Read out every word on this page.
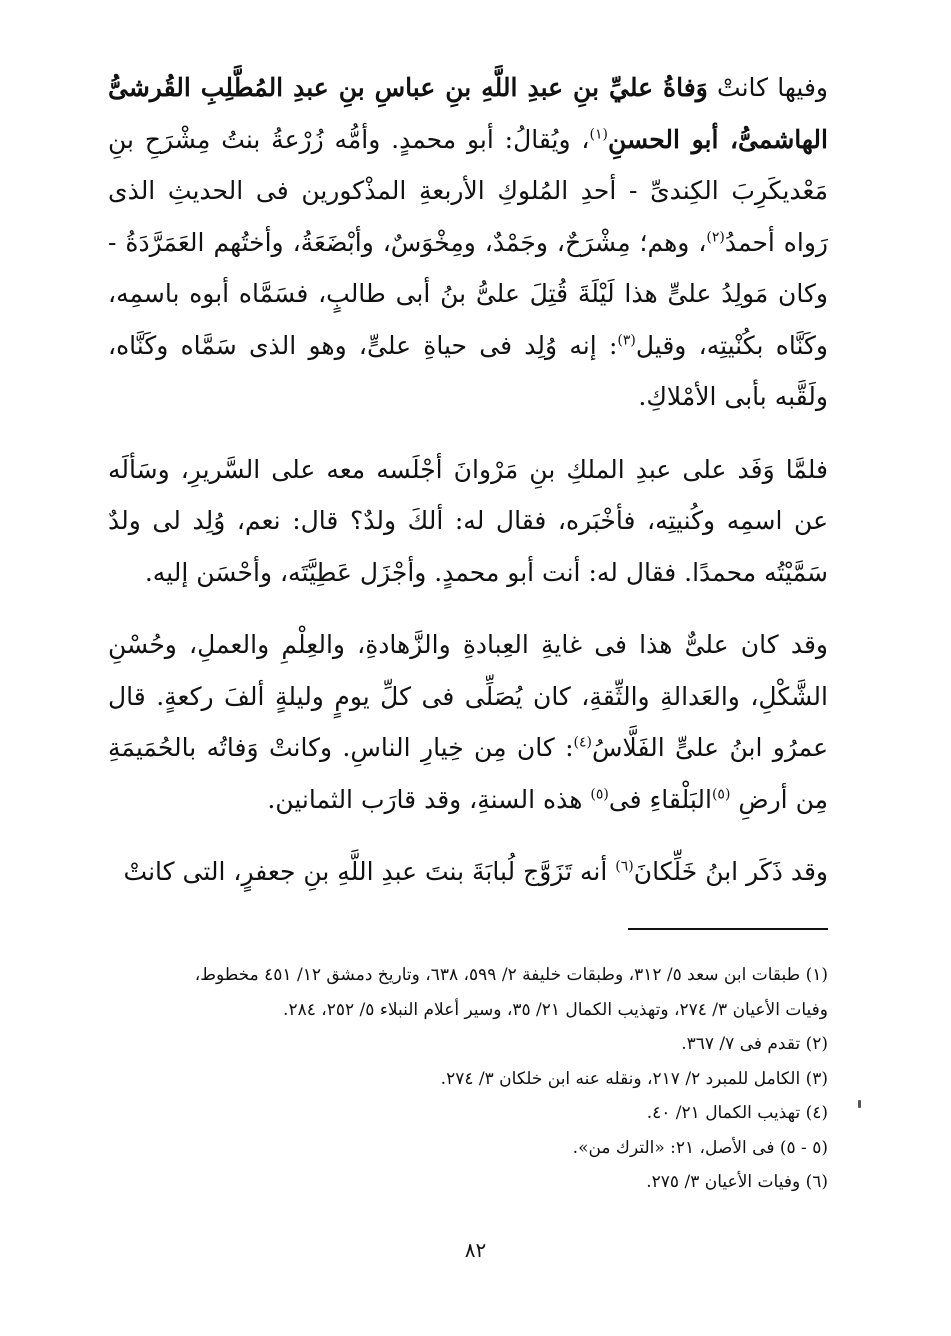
وفيها كانتْ وَفاةُ عليِّ بنِ عبدِ اللَّهِ بنِ عباسِ بنِ عبدِ المُطَّلِبِ القُرشىُّ الهاشمىُّ، أبو الحسنِ$^{(١)}$، ويُقالُ: أبو محمدٍ. وأمُّه زُرْعةُ بنتُ مِشْرَحِ بنِ مَعْديكَرِبَ الكِندىِّ - أحدِ المُلوكِ الأربعةِ المذْكورين فى الحديثِ الذى رَواه أحمدُ$^{(٢)}$، وهم؛ مِشْرَحٌ، وجَمْدٌ، ومِخْوَسٌ، وأبْضَعَةُ، وأختُهم العَمَرَّدَةُ - وكان مَولِدُ علىٍّ هذا لَيْلَةَ قُتِلَ علىُّ بنُ أبى طالبٍ، فسَمَّاه أبوه باسمِه، وكَنَّاه بكُنْيتِه، وقيل$^{(٣)}$: إنه وُلِد فى حياةِ علىٍّ، وهو الذى سَمَّاه وكَنَّاه، ولَقَّبه بأبى الأمْلاكِ.

فلمَّا وَفَد على عبدِ الملكِ بنِ مَرْوانَ أجْلَسه معه على السَّريرِ، وسَألَه عن اسمِه وكُنيتِه، فأخْبَره، فقال له: ألكَ ولدٌ؟ قال: نعم، وُلِد لى ولدٌ سَمَّيْتُه محمدًا. فقال له: أنت أبو محمدٍ. وأجْزَل عَطِيَّتَه، وأحْسَن إليه.

وقد كان علىٌّ هذا فى غايةِ العِبادةِ والزَّهادةِ، والعِلْمِ والعملِ، وحُسْنِ الشَّكْلِ، والعَدالةِ والثِّقةِ، كان يُصَلِّى فى كلِّ يومٍ وليلةٍ ألفَ ركعةٍ. قال عمرُو ابنُ علىٍّ الفَلَّاسُ$^{(٤)}$: كان مِن خِيارِ الناسِ. وكانتْ وَفاتُه بالحُمَيمَةِ مِن أرضِ $^{(٥)}$البَلْقاءِ فى$^{(٥)}$ هذه السنةِ، وقد قارَب الثمانين.

وقد ذَكَر ابنُ خَلِّكانَ$^{(٦)}$ أنه تَزَوَّج لُبابَةَ بنتَ عبدِ اللَّهِ بنِ جعفرٍ، التى كانتْ

(١) طبقات ابن سعد ٥/ ٣١٢، وطبقات خليفة ٢/ ٥٩٩، ٦٣٨، وتاريخ دمشق ١٢/ ٤٥١ مخطوط،
وفيات الأعيان ٣/ ٢٧٤، وتهذيب الكمال ٢١/ ٣٥، وسير أعلام النبلاء ٥/ ٢٥٢، ٢٨٤.
(٢) تقدم فى ٧/ ٣٦٧.
(٣) الكامل للمبرد ٢/ ٢١٧، ونقله عنه ابن خلكان ٣/ ٢٧٤.
(٤) تهذيب الكمال ٢١/ ٤٠.
(٥ - ٥) فى الأصل، ٢١: «الترك من».
(٦) وفيات الأعيان ٣/ ٢٧٥.
٨٢
